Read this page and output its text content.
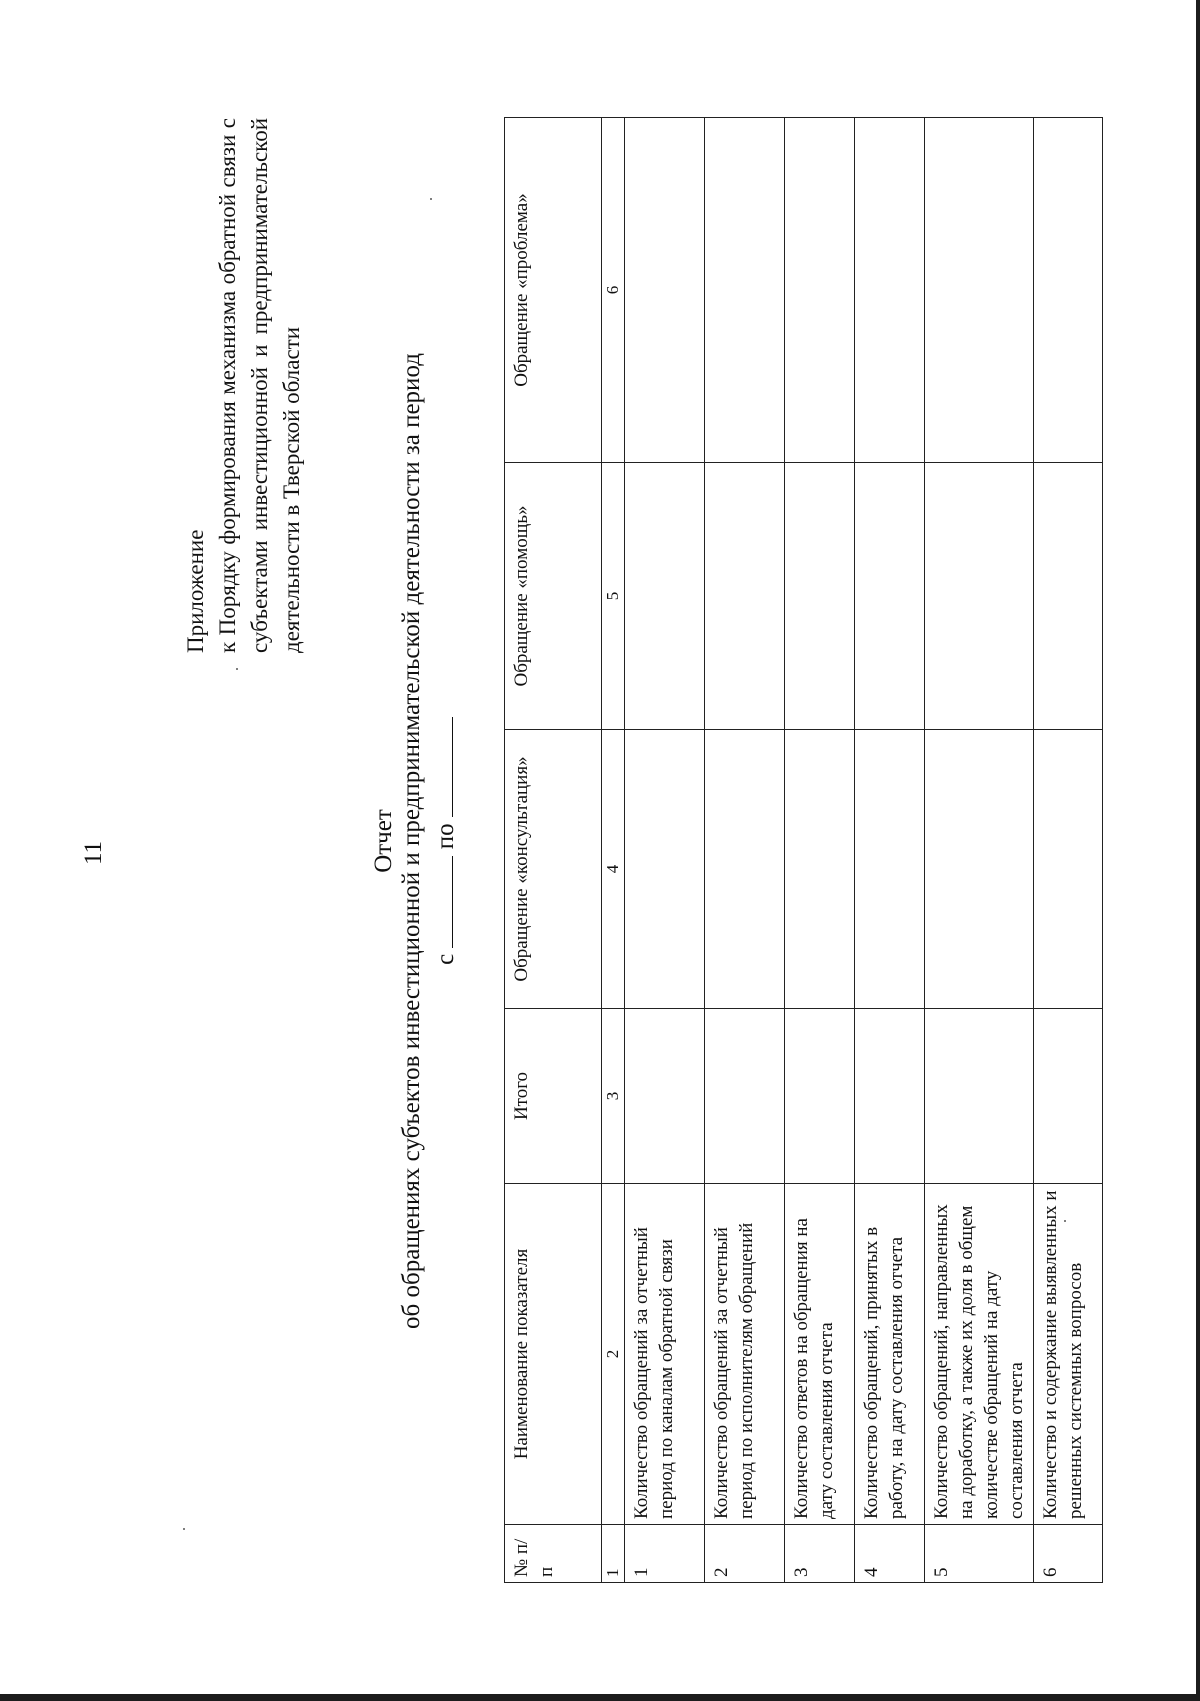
11
Приложение к Порядку формирования механизма обратной связи с субъектами инвестиционной и предпринимательской деятельности в Тверской области
Отчет об обращениях субъектов инвестиционной и предпринимательской деятельности за период с  по
№ п/п	Наименование показателя	Итого	Обращение «консультация»	Обращение «помощь»	Обращение «проблема»
1	2	3	4	5	6
1	Количество обращений за отчетный период по каналам обратной связи				
2	Количество обращений за отчетный период по исполнителям обращений				
3	Количество ответов на обращения на дату составления отчета				
4	Количество обращений, принятых в работу, на дату составления отчета				
5	Количество обращений, направленных на доработку, а также их доля в общем количестве обращений на дату составления отчета				
6	Количество и содержание выявленных и решенных системных вопросов				
